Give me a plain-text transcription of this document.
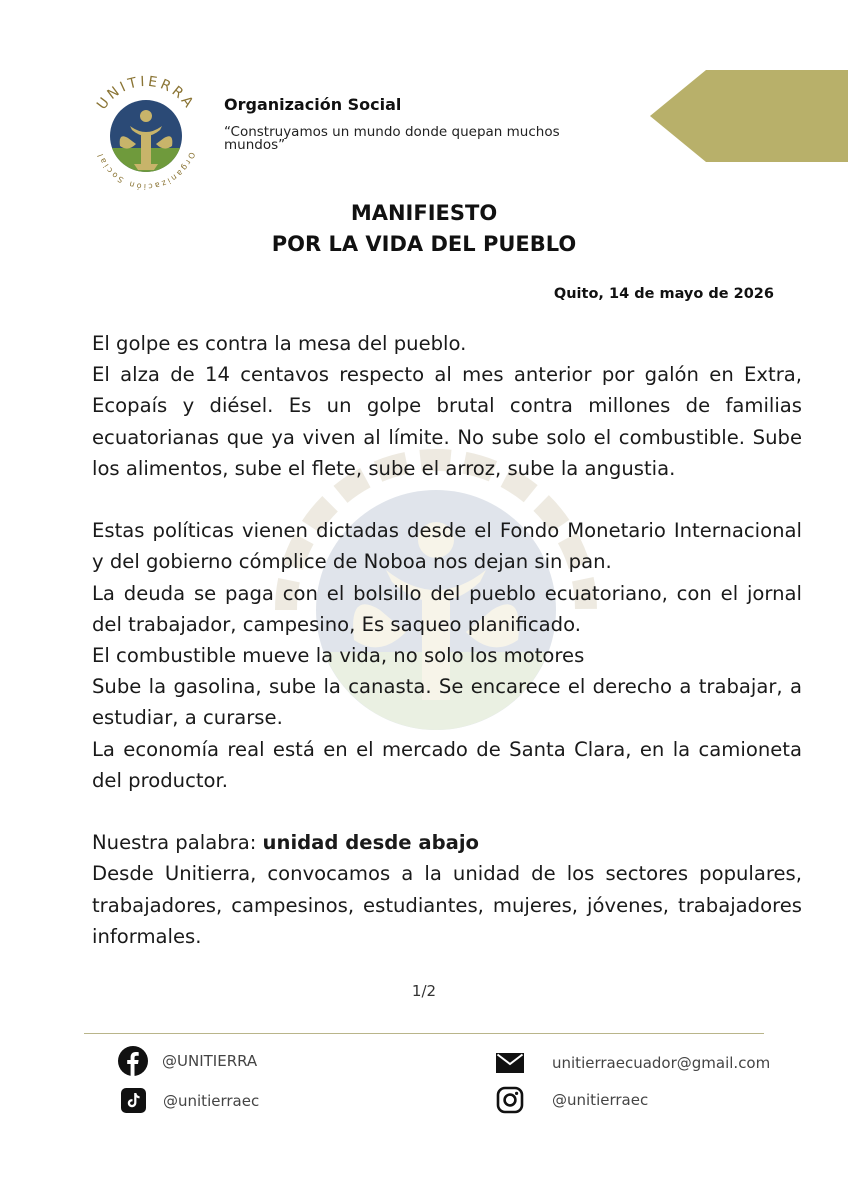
UNITIERRA
Organización Social
Organización Social
“Construyamos un mundo donde quepan muchos mundos”
MANIFIESTO
POR LA VIDA DEL PUEBLO
Quito, 14 de mayo de 2026

El golpe es contra la mesa del pueblo.

El alza de 14 centavos respecto al mes anterior por galón en Extra, Ecopaís y diésel. Es un golpe brutal contra millones de familias ecuatorianas que ya viven al límite. No sube solo el combustible. Sube los alimentos, sube el flete, sube el arroz, sube la angustia.

Estas políticas vienen dictadas desde el Fondo Monetario Internacional y del gobierno cómplice de Noboa nos dejan sin pan.

La deuda se paga con el bolsillo del pueblo ecuatoriano, con el jornal del trabajador, campesino, Es saqueo planificado.

El combustible mueve la vida, no solo los motores

Sube la gasolina, sube la canasta. Se encarece el derecho a trabajar, a estudiar, a curarse.

La economía real está en el mercado de Santa Clara, en la camioneta del productor.

Nuestra palabra: unidad desde abajo

Desde Unitierra, convocamos a la unidad de los sectores populares, trabajadores, campesinos, estudiantes, mujeres, jóvenes, trabajadores informales.

1/2
@UNITIERRA
@unitierraec
unitierraecuador@gmail.com
@unitierraec
